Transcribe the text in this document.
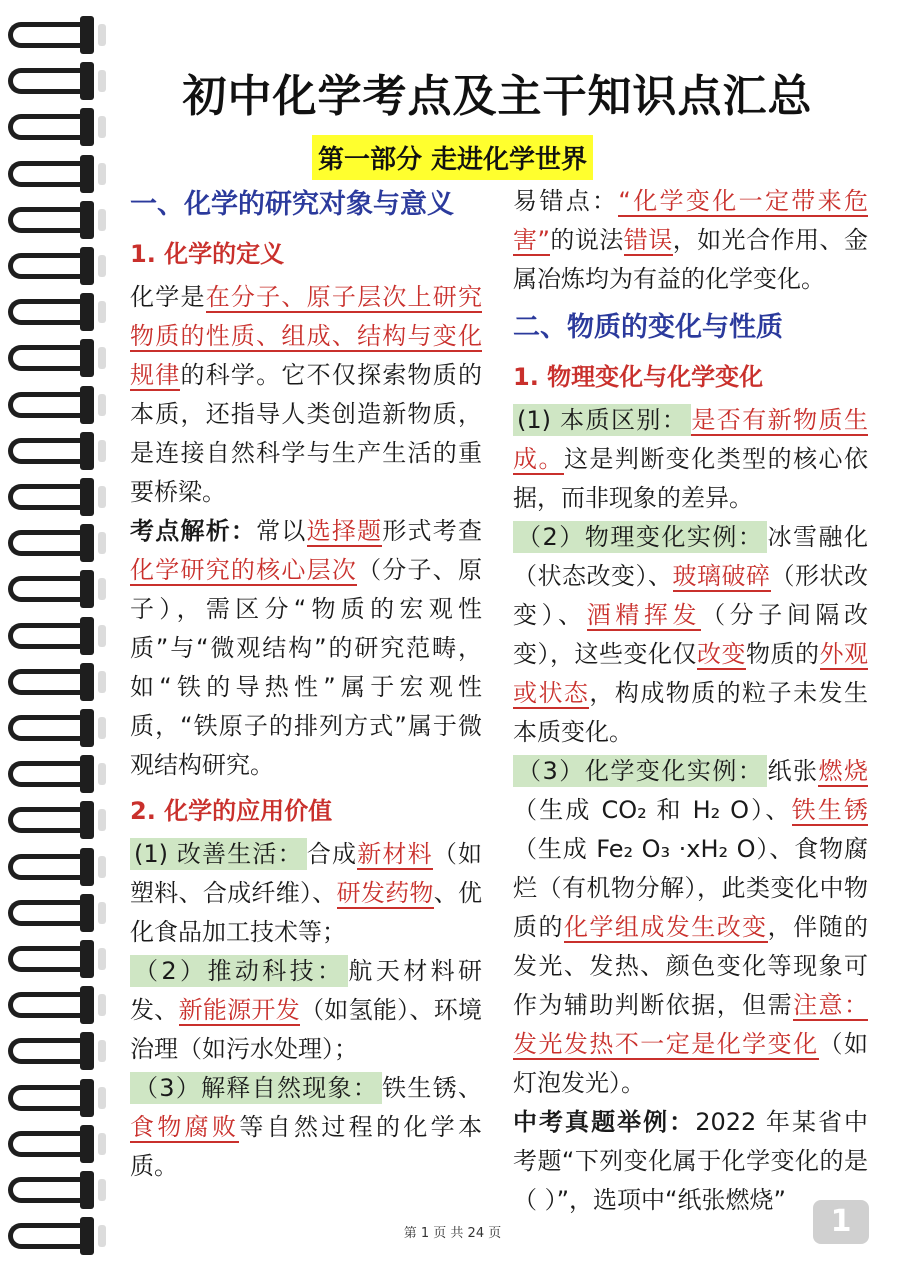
初中化学考点及主干知识点汇总
第一部分 走进化学世界
一、化学的研究对象与意义
1. 化学的定义

化学是在分子、原子层次上研究物质的性质、组成、结构与变化规律的科学。它不仅探索物质的本质，还指导人类创造新物质，是连接自然科学与生产生活的重要桥梁。

考点解析：常以选择题形式考查化学研究的核心层次（分子、原子），需区分“物质的宏观性质”与“微观结构”的研究范畴，如“铁的导热性”属于宏观性质，“铁原子的排列方式”属于微观结构研究。

2. 化学的应用价值

(1) 改善生活： 合成新材料（如塑料、合成纤维）、研发药物、优化食品加工技术等；

（2）推动科技： 航天材料研发、新能源开发（如氢能）、环境治理（如污水处理）；

（3）解释自然现象： 铁生锈、食物腐败等自然过程的化学本质。

易错点：“化学变化一定带来危害”的说法错误，如光合作用、金属冶炼均为有益的化学变化。

二、物质的变化与性质
1. 物理变化与化学变化

(1) 本质区别： 是否有新物质生成。这是判断变化类型的核心依据，而非现象的差异。

（2）物理变化实例： 冰雪融化（状态改变）、玻璃破碎（形状改变）、酒精挥发（分子间隔改变），这些变化仅改变物质的外观或状态，构成物质的粒子未发生本质变化。

（3）化学变化实例： 纸张燃烧（生成 CO₂ 和 H₂ O）、铁生锈（生成 Fe₂ O₃ ·xH₂ O）、食物腐烂（有机物分解），此类变化中物质的化学组成发生改变，伴随的发光、发热、颜色变化等现象可作为辅助判断依据，但需注意：发光发热不一定是化学变化（如灯泡发光）。

中考真题举例：2022 年某省中考题“下列变化属于化学变化的是（ ）”，选项中“纸张燃烧”

第 1 页 共 24 页	1
